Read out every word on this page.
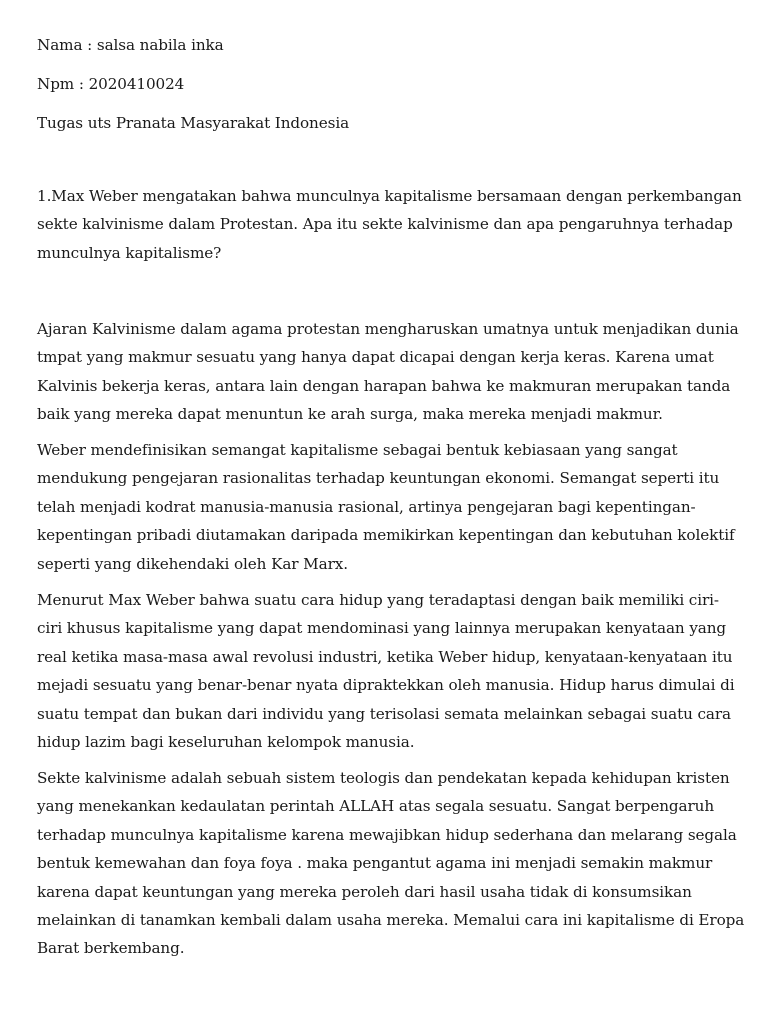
Nama : salsa nabila inka
Npm : 2020410024
Tugas uts Pranata Masyarakat Indonesia
1.Max Weber mengatakan bahwa munculnya kapitalisme bersamaan dengan perkembangan
sekte kalvinisme dalam Protestan. Apa itu sekte kalvinisme dan apa pengaruhnya terhadap
munculnya kapitalisme?
Ajaran Kalvinisme dalam agama protestan mengharuskan umatnya untuk menjadikan dunia
tmpat yang makmur sesuatu yang hanya dapat dicapai dengan kerja keras. Karena umat
Kalvinis bekerja keras, antara lain dengan harapan bahwa ke makmuran merupakan tanda
baik yang mereka dapat menuntun ke arah surga, maka mereka menjadi makmur.
Weber mendefinisikan semangat kapitalisme sebagai bentuk kebiasaan yang sangat
mendukung pengejaran rasionalitas terhadap keuntungan ekonomi. Semangat seperti itu
telah menjadi kodrat manusia-manusia rasional, artinya pengejaran bagi kepentingan-
kepentingan pribadi diutamakan daripada memikirkan kepentingan dan kebutuhan kolektif
seperti yang dikehendaki oleh Kar Marx.
Menurut Max Weber bahwa suatu cara hidup yang teradaptasi dengan baik memiliki ciri-
ciri khusus kapitalisme yang dapat mendominasi yang lainnya merupakan kenyataan yang
real ketika masa-masa awal revolusi industri, ketika Weber hidup, kenyataan-kenyataan itu
mejadi sesuatu yang benar-benar nyata dipraktekkan oleh manusia. Hidup harus dimulai di
suatu tempat dan bukan dari individu yang terisolasi semata melainkan sebagai suatu cara
hidup lazim bagi keseluruhan kelompok manusia.
Sekte kalvinisme adalah sebuah sistem teologis dan pendekatan kepada kehidupan kristen
yang menekankan kedaulatan perintah ALLAH atas segala sesuatu. Sangat berpengaruh
terhadap munculnya kapitalisme karena mewajibkan hidup sederhana dan melarang segala
bentuk kemewahan dan foya foya . maka pengantut agama ini menjadi semakin makmur
karena dapat keuntungan yang mereka peroleh dari hasil usaha tidak di konsumsikan
melainkan di tanamkan kembali dalam usaha mereka. Memalui cara ini kapitalisme di Eropa
Barat berkembang.
